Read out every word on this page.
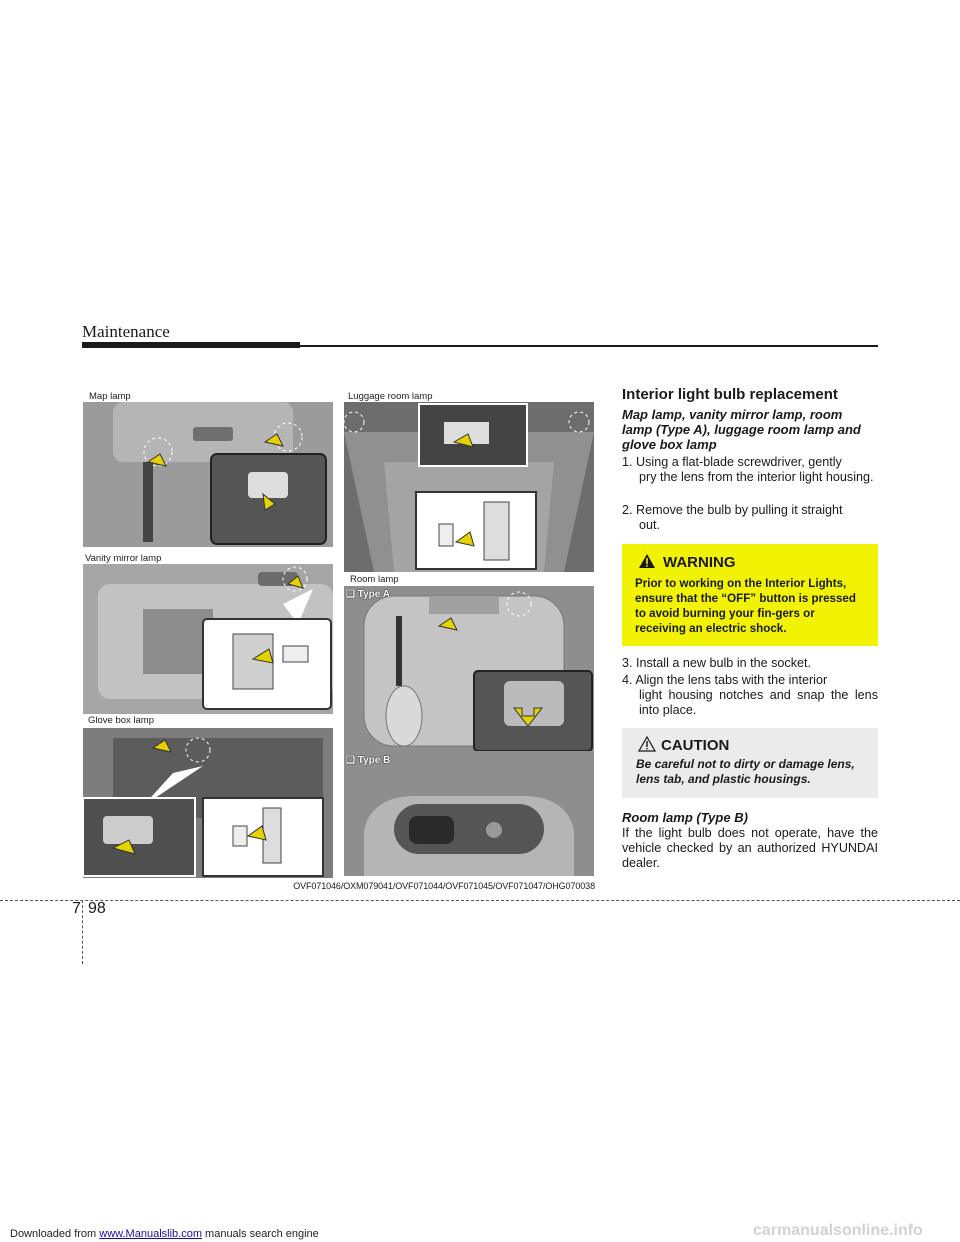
Maintenance
Map lamp
Vanity mirror lamp
Glove box lamp
Luggage room lamp
Room lamp
❑ Type A
❑ Type B
OVF071046/OXM079041/OVF071044/OVF071045/OVF071047/OHG070038
Interior light bulb replacement
Map lamp, vanity mirror lamp, room lamp (Type A), luggage room lamp and glove box lamp
1. Using a flat-blade screwdriver, gently
pry the lens from the interior light housing.
2. Remove the bulb by pulling it straight
out.
WARNING
Prior to working on the Interior Lights, ensure that the “OFF” button is pressed to avoid burning your fin-gers or receiving an electric shock.
3. Install a new bulb in the socket.
4. Align the lens tabs with the interior
light housing notches and snap the lens into place.
CAUTION
Be careful not to dirty or damage lens, lens tab, and plastic housings.
Room lamp (Type B)
If the light bulb does not operate, have the vehicle checked by an authorized HYUNDAI dealer.
7 98
Downloaded from www.Manualslib.com manuals search engine	carmanualsonline.info
